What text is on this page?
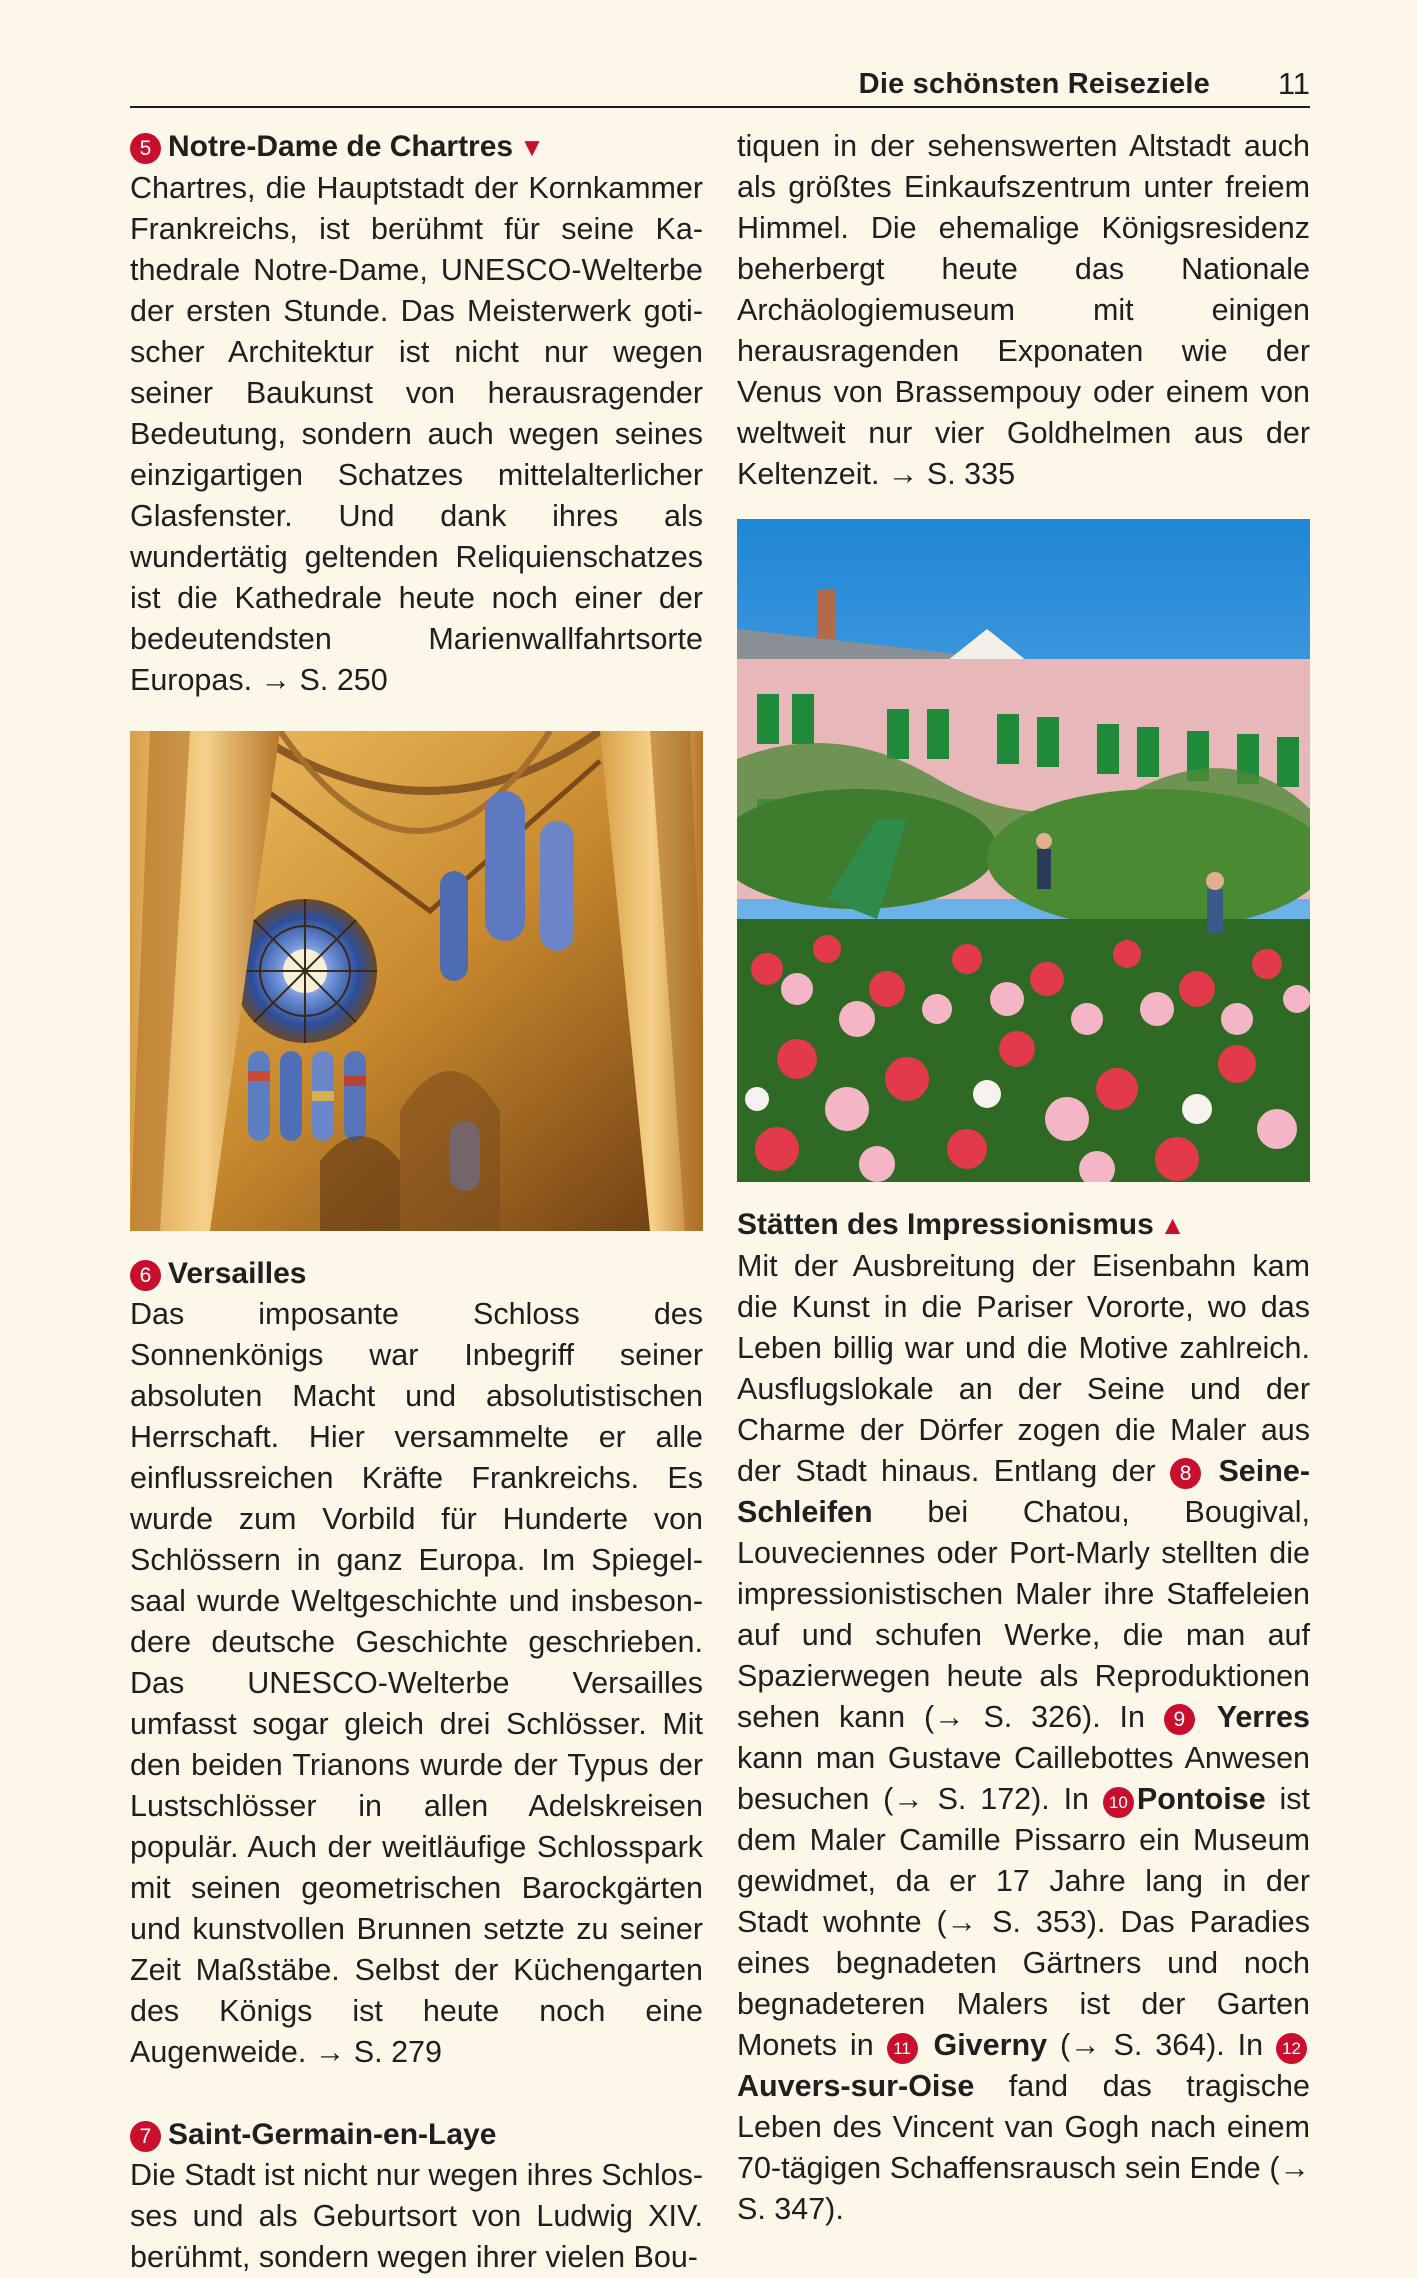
Die schönsten Reiseziele 11
5 Notre-Dame de Chartres ▼
Chartres, die Hauptstadt der Kornkammer Frankreichs, ist berühmt für seine Kathedrale Notre-Dame, UNESCO-Welterbe der ersten Stunde. Das Meisterwerk gotischer Architektur ist nicht nur wegen seiner Baukunst von herausragender Bedeutung, sondern auch wegen seines einzigartigen Schatzes mittelalterlicher Glasfenster. Und dank ihres als wundertätig geltenden Reliquienschatzes ist die Kathedrale heute noch einer der bedeutendsten Marienwallfahrtsorte Europas. → S. 250
6 Versailles
Das imposante Schloss des Sonnenkönigs war Inbegriff seiner absoluten Macht und absolutistischen Herrschaft. Hier versammelte er alle einflussreichen Kräfte Frankreichs. Es wurde zum Vorbild für Hunderte von Schlössern in ganz Europa. Im Spiegelsaal wurde Weltgeschichte und insbesondere deutsche Geschichte geschrieben. Das UNESCO-Welterbe Versailles umfasst sogar gleich drei Schlösser. Mit den beiden Trianons wurde der Typus der Lustschlösser in allen Adelskreisen populär. Auch der weitläufige Schlosspark mit seinen geometrischen Barockgärten und kunstvollen Brunnen setzte zu seiner Zeit Maßstäbe. Selbst der Küchengarten des Königs ist heute noch eine Augenweide. → S. 279
7 Saint-Germain-en-Laye
Die Stadt ist nicht nur wegen ihres Schlosses und als Geburtsort von Ludwig XIV. berühmt, sondern wegen ihrer vielen Bou-
tiquen in der sehenswerten Altstadt auch als größtes Einkaufszentrum unter freiem Himmel. Die ehemalige Königsresidenz beherbergt heute das Nationale Archäologiemuseum mit einigen herausragenden Exponaten wie der Venus von Brassempouy oder einem von weltweit nur vier Goldhelmen aus der Keltenzeit. → S. 335
Stätten des Impressionismus ▲
Mit der Ausbreitung der Eisenbahn kam die Kunst in die Pariser Vororte, wo das Leben billig war und die Motive zahlreich. Ausflugslokale an der Seine und der Charme der Dörfer zogen die Maler aus der Stadt hinaus. Entlang der 8 Seine-Schleifen bei Chatou, Bougival, Louveciennes oder Port-Marly stellten die impressionistischen Maler ihre Staffeleien auf und schufen Werke, die man auf Spazierwegen heute als Reproduktionen sehen kann (→ S. 326). In 9 Yerres kann man Gustave Caillebottes Anwesen besuchen (→ S. 172). In 10 Pontoise ist dem Maler Camille Pissarro ein Museum gewidmet, da er 17 Jahre lang in der Stadt wohnte (→ S. 353). Das Paradies eines begnadeten Gärtners und noch begnadeteren Malers ist der Garten Monets in 11 Giverny (→ S. 364). In 12 Auvers-sur-Oise fand das tragische Leben des Vincent van Gogh nach einem 70-tägigen Schaffensrausch sein Ende (→ S. 347).
